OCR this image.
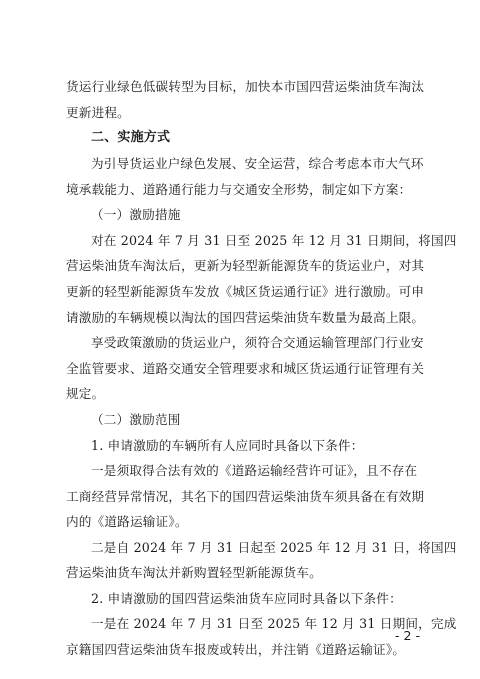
货运行业绿色低碳转型为目标，加快本市国四营运柴油货车淘汰
更新进程。
二、实施方式
为引导货运业户绿色发展、安全运营，综合考虑本市大气环
境承载能力、道路通行能力与交通安全形势，制定如下方案：
（一）激励措施
对在 2024 年 7 月 31 日至 2025 年 12 月 31 日期间，将国四
营运柴油货车淘汰后，更新为轻型新能源货车的货运业户，对其
更新的轻型新能源货车发放《城区货运通行证》进行激励。可申
请激励的车辆规模以淘汰的国四营运柴油货车数量为最高上限。
享受政策激励的货运业户，须符合交通运输管理部门行业安
全监管要求、道路交通安全管理要求和城区货运通行证管理有关
规定。
（二）激励范围
1. 申请激励的车辆所有人应同时具备以下条件：
一是须取得合法有效的《道路运输经营许可证》，且不存在
工商经营异常情况，其名下的国四营运柴油货车须具备在有效期
内的《道路运输证》。
二是自 2024 年 7 月 31 日起至 2025 年 12 月 31 日，将国四
营运柴油货车淘汰并新购置轻型新能源货车。
2. 申请激励的国四营运柴油货车应同时具备以下条件：
一是在 2024 年 7 月 31 日至 2025 年 12 月 31 日期间，完成
京籍国四营运柴油货车报废或转出，并注销《道路运输证》。
- 2 -
